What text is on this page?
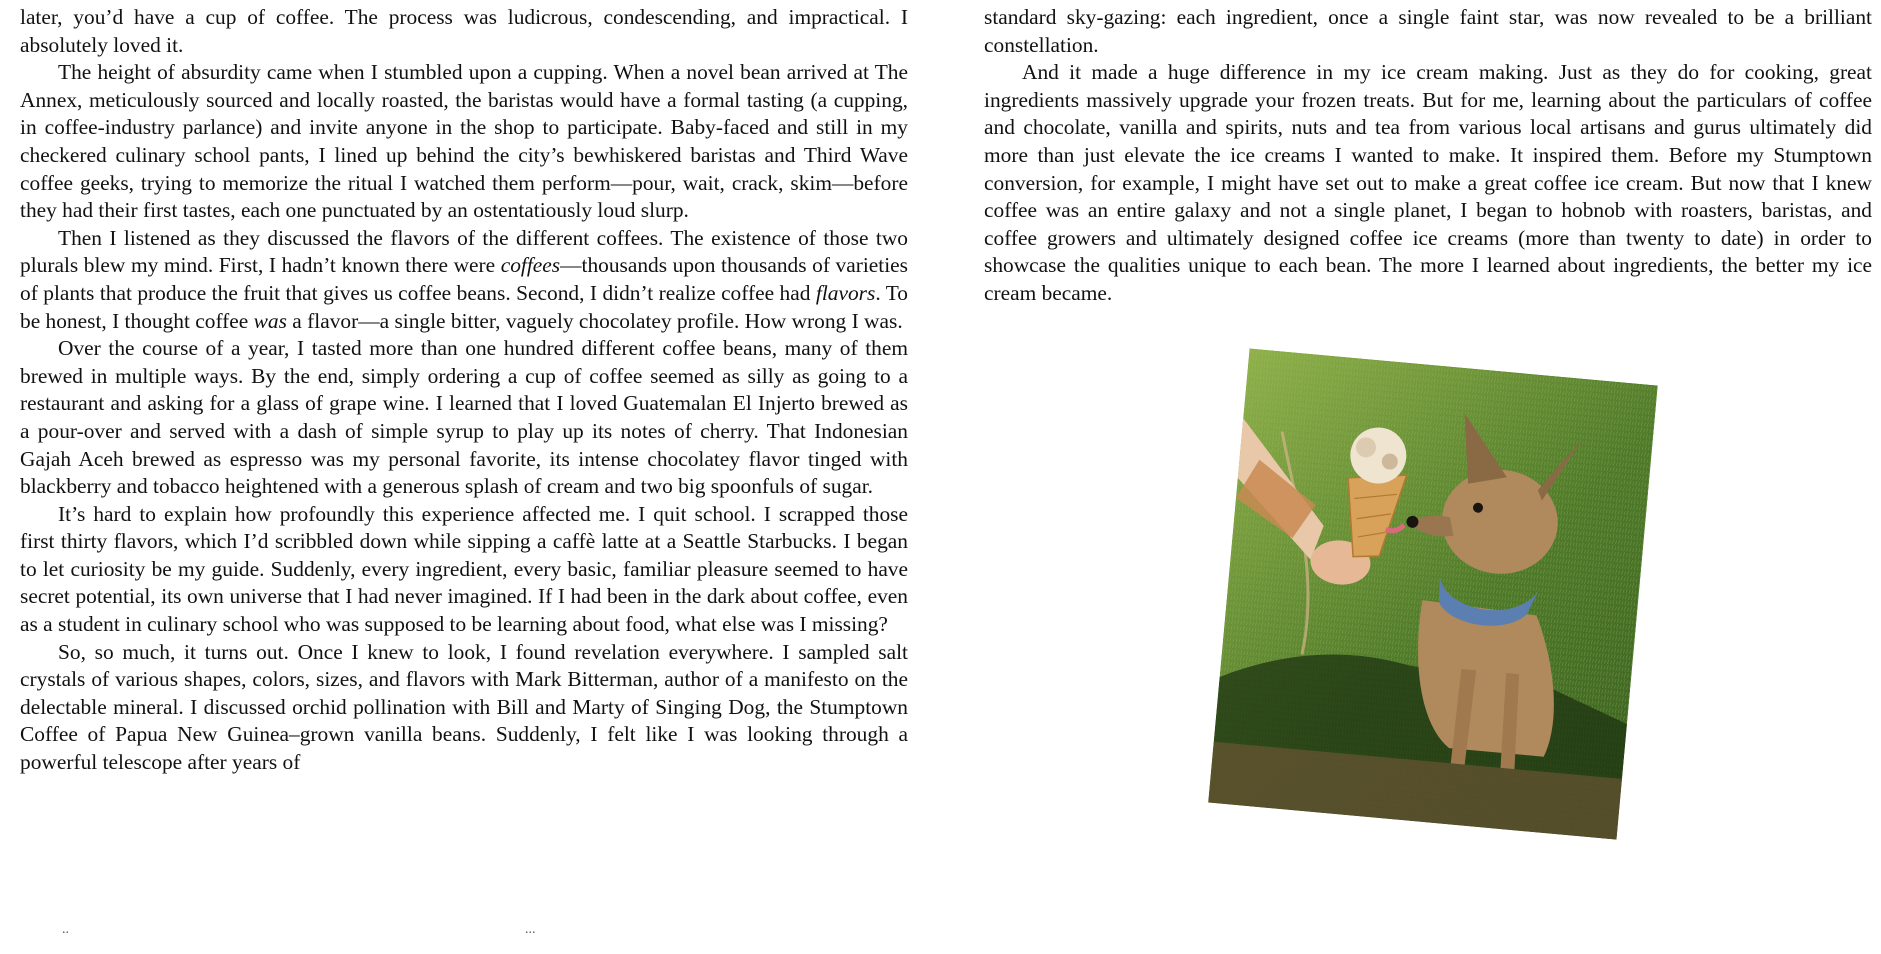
later, you’d have a cup of coffee. The process was ludicrous, condescending, and impractical. I absolutely loved it.

The height of absurdity came when I stumbled upon a cupping. When a novel bean arrived at The Annex, meticulously sourced and locally roasted, the baristas would have a formal tasting (a cupping, in coffee-industry parlance) and invite anyone in the shop to participate. Baby-faced and still in my checkered culinary school pants, I lined up behind the city’s bewhiskered baristas and Third Wave coffee geeks, trying to memorize the ritual I watched them perform—pour, wait, crack, skim—before they had their first tastes, each one punctuated by an ostentatiously loud slurp.

Then I listened as they discussed the flavors of the different coffees. The existence of those two plurals blew my mind. First, I hadn’t known there were coffees—thousands upon thousands of varieties of plants that produce the fruit that gives us coffee beans. Second, I didn’t realize coffee had flavors. To be honest, I thought coffee was a flavor—a single bitter, vaguely chocolatey profile. How wrong I was.

Over the course of a year, I tasted more than one hundred different coffee beans, many of them brewed in multiple ways. By the end, simply ordering a cup of coffee seemed as silly as going to a restaurant and asking for a glass of grape wine. I learned that I loved Guatemalan El Injerto brewed as a pour-over and served with a dash of simple syrup to play up its notes of cherry. That Indonesian Gajah Aceh brewed as espresso was my personal favorite, its intense chocolatey flavor tinged with blackberry and tobacco heightened with a generous splash of cream and two big spoonfuls of sugar.

It’s hard to explain how profoundly this experience affected me. I quit school. I scrapped those first thirty flavors, which I’d scribbled down while sipping a caffè latte at a Seattle Starbucks. I began to let curiosity be my guide. Suddenly, every ingredient, every basic, familiar pleasure seemed to have secret potential, its own universe that I had never imagined. If I had been in the dark about coffee, even as a student in culinary school who was supposed to be learning about food, what else was I missing?

So, so much, it turns out. Once I knew to look, I found revelation everywhere. I sampled salt crystals of various shapes, colors, sizes, and flavors with Mark Bitterman, author of a manifesto on the delectable mineral. I discussed orchid pollination with Bill and Marty of Singing Dog, the Stumptown Coffee of Papua New Guinea–grown vanilla beans. Suddenly, I felt like I was looking through a powerful telescope after years of

standard sky-gazing: each ingredient, once a single faint star, was now revealed to be a brilliant constellation.

And it made a huge difference in my ice cream making. Just as they do for cooking, great ingredients massively upgrade your frozen treats. But for me, learning about the particulars of coffee and chocolate, vanilla and spirits, nuts and tea from various local artisans and gurus ultimately did more than just elevate the ice creams I wanted to make. It inspired them. Before my Stumptown conversion, for example, I might have set out to make a great coffee ice cream. But now that I knew coffee was an entire galaxy and not a single planet, I began to hobnob with roasters, baristas, and coffee growers and ultimately designed coffee ice creams (more than twenty to date) in order to showcase the qualities unique to each bean. The more I learned about ingredients, the better my ice cream became.

..	...
